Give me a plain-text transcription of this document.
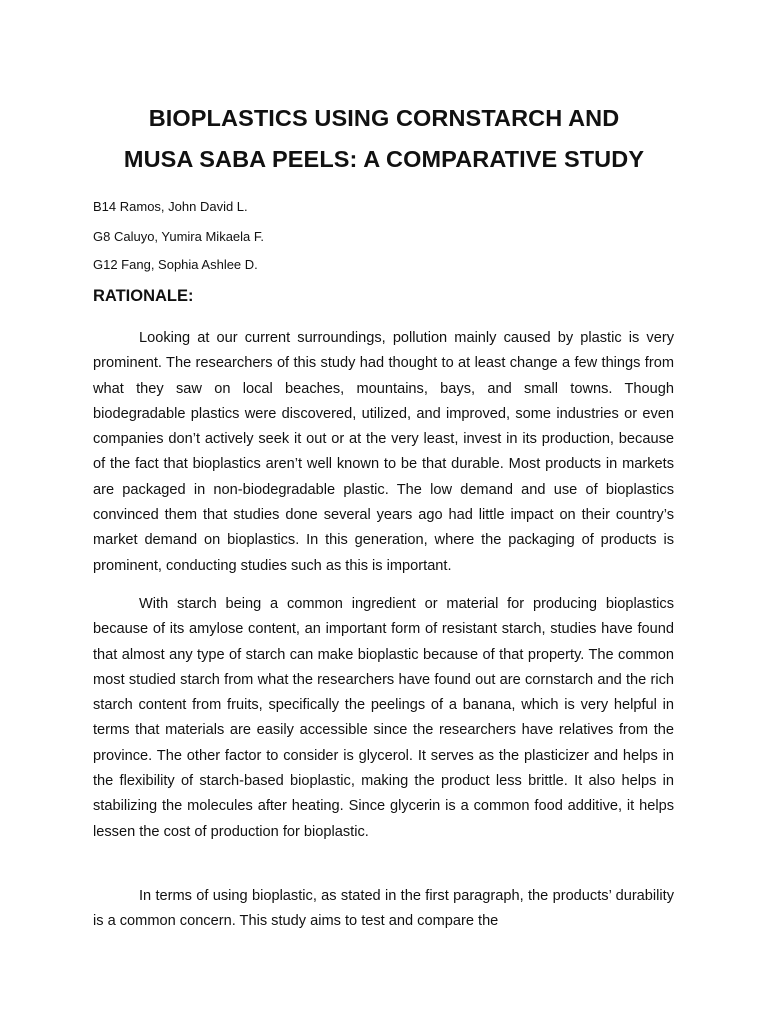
BIOPLASTICS USING CORNSTARCH AND
MUSA SABA PEELS: A COMPARATIVE STUDY
B14 Ramos, John David L.
G8 Caluyo, Yumira Mikaela F.
G12 Fang, Sophia Ashlee D.
RATIONALE:

Looking at our current surroundings, pollution mainly caused by plastic is very prominent. The researchers of this study had thought to at least change a few things from what they saw on local beaches, mountains, bays, and small towns. Though biodegradable plastics were discovered, utilized, and improved, some industries or even companies don’t actively seek it out or at the very least, invest in its production, because of the fact that bioplastics aren’t well known to be that durable. Most products in markets are packaged in non-biodegradable plastic. The low demand and use of bioplastics convinced them that studies done several years ago had little impact on their country’s market demand on bioplastics. In this generation, where the packaging of products is prominent, conducting studies such as this is important.

With starch being a common ingredient or material for producing bioplastics because of its amylose content, an important form of resistant starch, studies have found that almost any type of starch can make bioplastic because of that property. The common most studied starch from what the researchers have found out are cornstarch and the rich starch content from fruits, specifically the peelings of a banana, which is very helpful in terms that materials are easily accessible since the researchers have relatives from the province. The other factor to consider is glycerol. It serves as the plasticizer and helps in the flexibility of starch-based bioplastic, making the product less brittle. It also helps in stabilizing the molecules after heating. Since glycerin is a common food additive, it helps lessen the cost of production for bioplastic.

In terms of using bioplastic, as stated in the first paragraph, the products’ durability is a common concern. This study aims to test and compare the
